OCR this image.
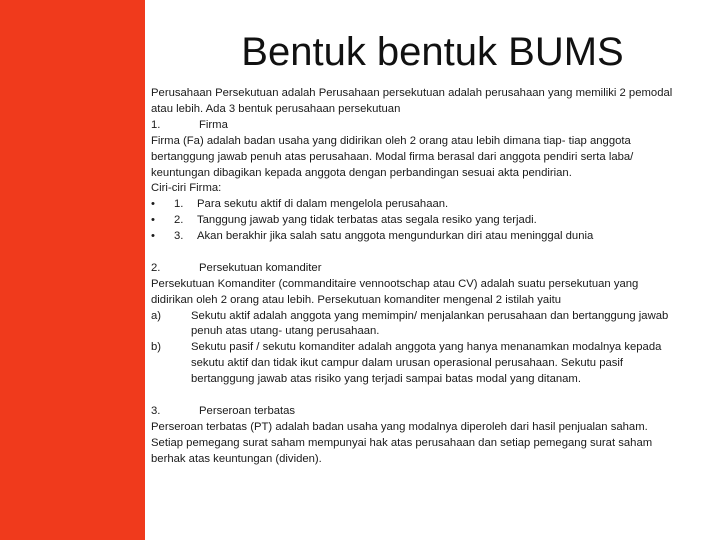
Bentuk bentuk BUMS
Perusahaan Persekutuan adalah Perusahaan persekutuan adalah perusahaan yang memiliki 2 pemodal atau lebih. Ada 3 bentuk perusahaan persekutuan
1.	Firma
Firma (Fa) adalah badan usaha yang didirikan oleh 2 orang atau lebih dimana tiap- tiap anggota bertanggung jawab penuh atas perusahaan. Modal firma berasal dari anggota pendiri serta laba/ keuntungan dibagikan kepada anggota dengan perbandingan sesuai akta pendirian.
Ciri-ciri Firma:
• 1. Para sekutu aktif di dalam mengelola perusahaan.
• 2. Tanggung jawab yang tidak terbatas atas segala resiko yang terjadi.
• 3. Akan berakhir jika salah satu anggota mengundurkan diri atau meninggal dunia
2.	Persekutuan komanditer
Persekutuan Komanditer (commanditaire vennootschap atau CV) adalah suatu persekutuan yang didirikan oleh 2 orang atau lebih. Persekutuan komanditer mengenal 2 istilah yaitu
a)	Sekutu aktif adalah anggota yang memimpin/ menjalankan perusahaan dan bertanggung jawab penuh atas utang- utang perusahaan.
b)	Sekutu pasif / sekutu komanditer adalah anggota yang hanya menanamkan modalnya kepada sekutu aktif dan tidak ikut campur dalam urusan operasional perusahaan. Sekutu pasif bertanggung jawab atas risiko yang terjadi sampai batas modal yang ditanam.
3.	Perseroan terbatas
Perseroan terbatas (PT) adalah badan usaha yang modalnya diperoleh dari hasil penjualan saham. Setiap pemegang surat saham mempunyai hak atas perusahaan dan setiap pemegang surat saham berhak atas keuntungan (dividen).
